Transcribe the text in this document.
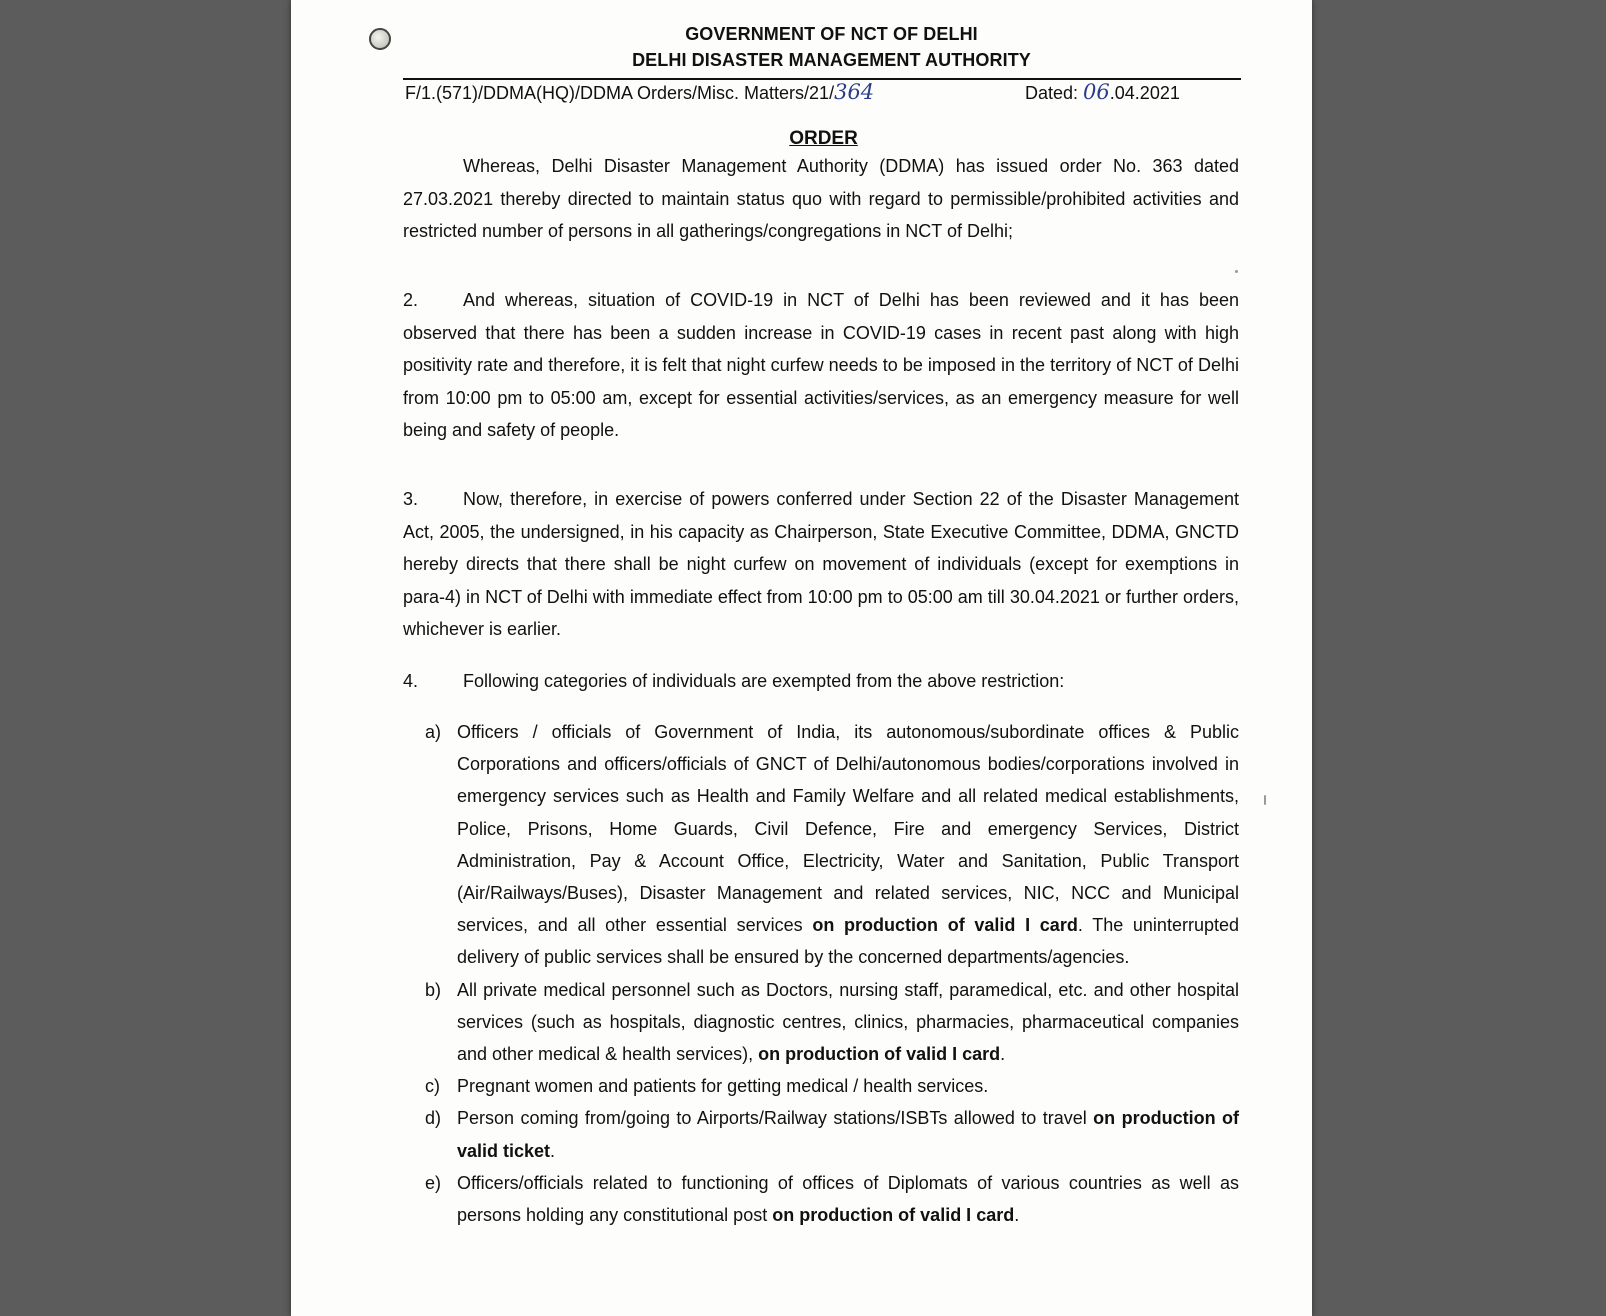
GOVERNMENT OF NCT OF DELHI
DELHI DISASTER MANAGEMENT AUTHORITY
F/1.(571)/DDMA(HQ)/DDMA Orders/Misc. Matters/21/364	Dated: 06.04.2021
ORDER
Whereas, Delhi Disaster Management Authority (DDMA) has issued order No. 363 dated 27.03.2021 thereby directed to maintain status quo with regard to permissible/prohibited activities and restricted number of persons in all gatherings/congregations in NCT of Delhi;
2. And whereas, situation of COVID-19 in NCT of Delhi has been reviewed and it has been observed that there has been a sudden increase in COVID-19 cases in recent past along with high positivity rate and therefore, it is felt that night curfew needs to be imposed in the territory of NCT of Delhi from 10:00 pm to 05:00 am, except for essential activities/services, as an emergency measure for well being and safety of people.
3. Now, therefore, in exercise of powers conferred under Section 22 of the Disaster Management Act, 2005, the undersigned, in his capacity as Chairperson, State Executive Committee, DDMA, GNCTD hereby directs that there shall be night curfew on movement of individuals (except for exemptions in para-4) in NCT of Delhi with immediate effect from 10:00 pm to 05:00 am till 30.04.2021 or further orders, whichever is earlier.
4. Following categories of individuals are exempted from the above restriction:
a) Officers / officials of Government of India, its autonomous/subordinate offices & Public Corporations and officers/officials of GNCT of Delhi/autonomous bodies/corporations involved in emergency services such as Health and Family Welfare and all related medical establishments, Police, Prisons, Home Guards, Civil Defence, Fire and emergency Services, District Administration, Pay & Account Office, Electricity, Water and Sanitation, Public Transport (Air/Railways/Buses), Disaster Management and related services, NIC, NCC and Municipal services, and all other essential services on production of valid I card. The uninterrupted delivery of public services shall be ensured by the concerned departments/agencies.
b) All private medical personnel such as Doctors, nursing staff, paramedical, etc. and other hospital services (such as hospitals, diagnostic centres, clinics, pharmacies, pharmaceutical companies and other medical & health services), on production of valid I card.
c) Pregnant women and patients for getting medical / health services.
d) Person coming from/going to Airports/Railway stations/ISBTs allowed to travel on production of valid ticket.
e) Officers/officials related to functioning of offices of Diplomats of various countries as well as persons holding any constitutional post on production of valid I card.
